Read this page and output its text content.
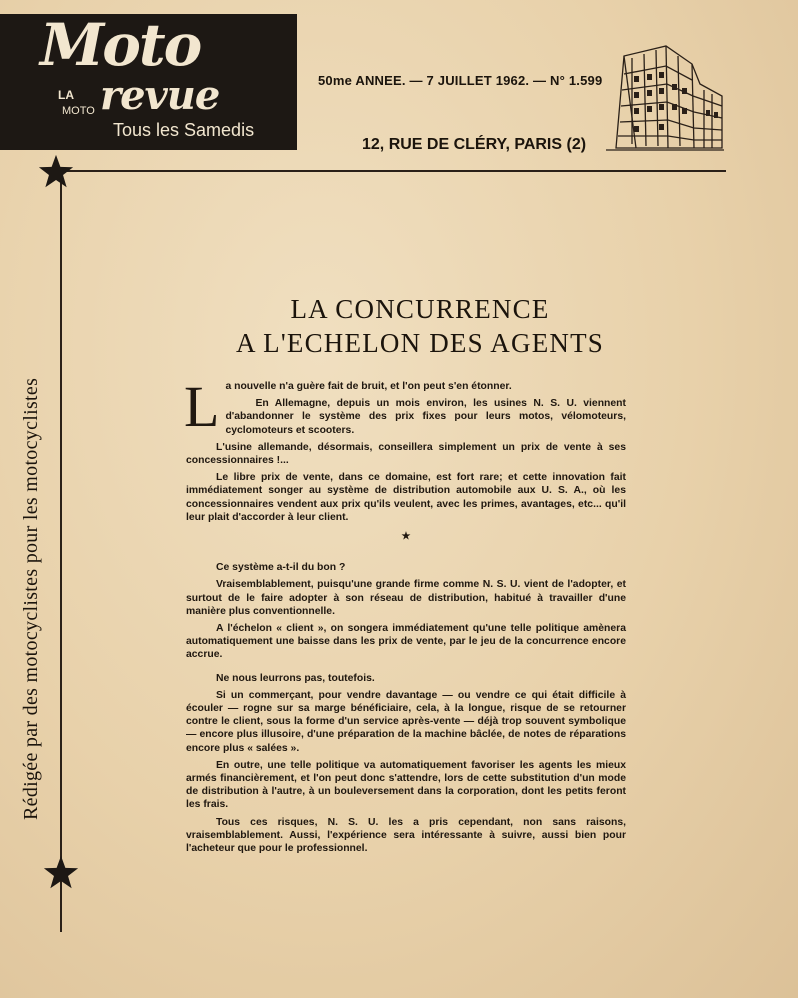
Moto
LA
MOTO revue
Tous les Samedis
50me ANNEE. — 7 JUILLET 1962. — N° 1.599
12, RUE DE CLÉRY, PARIS (2)
Rédigée par des motocyclistes pour les motocyclistes
LA CONCURRENCE
A L'ECHELON DES AGENTS

La nouvelle n'a guère fait de bruit, et l'on peut s'en étonner.

En Allemagne, depuis un mois environ, les usines N. S. U. viennent d'abandonner le système des prix fixes pour leurs motos, vélomoteurs, cyclomoteurs et scooters.

L'usine allemande, désormais, conseillera simplement un prix de vente à ses concessionnaires !...

Le libre prix de vente, dans ce domaine, est fort rare; et cette innovation fait immédiatement songer au système de distribution automobile aux U. S. A., où les concessionnaires vendent aux prix qu'ils veulent, avec les primes, avantages, etc... qu'il leur plait d'accorder à leur client.

★

Ce système a-t-il du bon ?

Vraisemblablement, puisqu'une grande firme comme N. S. U. vient de l'adopter, et surtout de le faire adopter à son réseau de distribution, habitué à travailler d'une manière plus conventionnelle.

A l'échelon « client », on songera immédiatement qu'une telle politique amènera automatiquement une baisse dans les prix de vente, par le jeu de la concurrence encore accrue.

Ne nous leurrons pas, toutefois.

Si un commerçant, pour vendre davantage — ou vendre ce qui était difficile à écouler — rogne sur sa marge bénéficiaire, cela, à la longue, risque de se retourner contre le client, sous la forme d'un service après-vente — déjà trop souvent symbolique — encore plus illusoire, d'une préparation de la machine bâclée, de notes de réparations encore plus « salées ».

En outre, une telle politique va automatiquement favoriser les agents les mieux armés financièrement, et l'on peut donc s'attendre, lors de cette substitution d'un mode de distribution à l'autre, à un bouleversement dans la corporation, dont les petits feront les frais.

Tous ces risques, N. S. U. les a pris cependant, non sans raisons, vraisemblablement. Aussi, l'expérience sera intéressante à suivre, aussi bien pour l'acheteur que pour le professionnel.
